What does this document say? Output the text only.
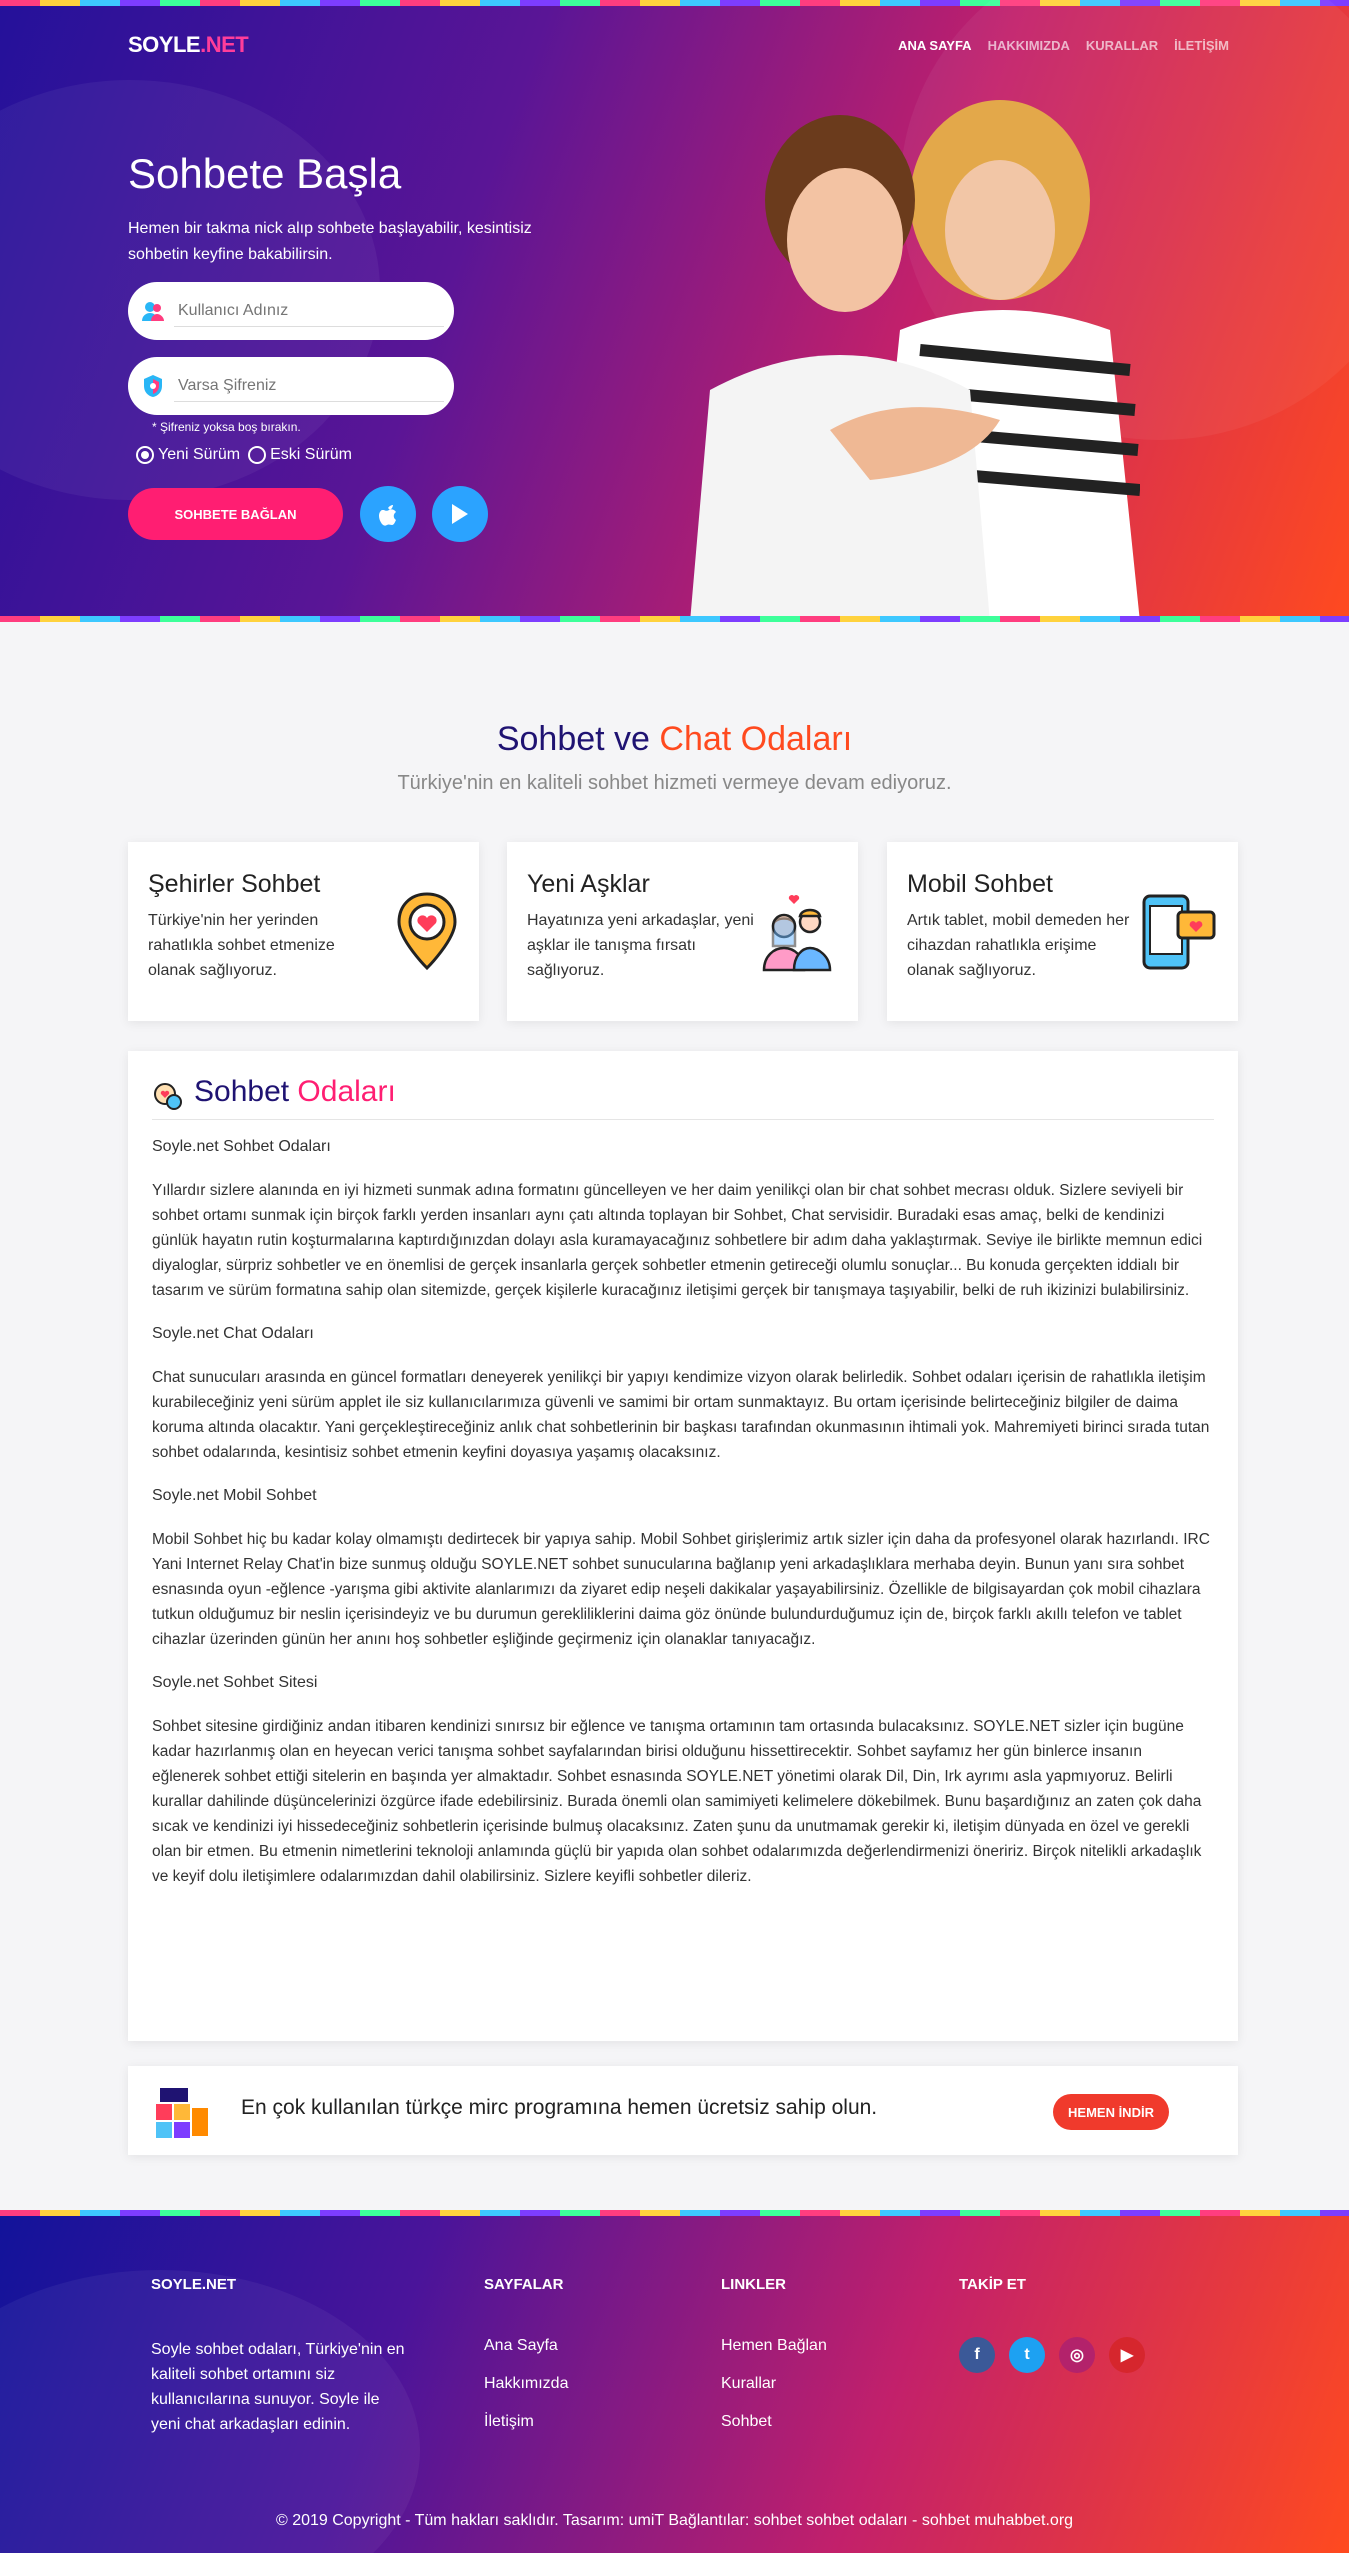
SOYLE.NET	ANA SAYFA HAKKIMIZDA KURALLAR İLETİŞİM
Sohbete Başla
Hemen bir takma nick alıp sohbete başlayabilir, kesintisiz sohbetin keyfine bakabilirsin.
Kullanıcı Adınız
* Şifreniz yoksa boş bırakın.
Yeni Sürüm	Eski Sürüm
SOHBETE BAĞLAN
Sohbet ve Chat Odaları
Türkiye'nin en kaliteli sohbet hizmeti vermeye devam ediyoruz.
Şehirler Sohbet

Türkiye'nin her yerinden rahatlıkla sohbet etmenize olanak sağlıyoruz.

Yeni Aşklar

Hayatınıza yeni arkadaşlar, yeni aşklar ile tanışma fırsatı sağlıyoruz.

Mobil Sohbet

Artık tablet, mobil demeden her cihazdan rahatlıkla erişime olanak sağlıyoruz.

Sohbet Odaları
Soyle.net Sohbet Odaları

Yıllardır sizlere alanında en iyi hizmeti sunmak adına formatını güncelleyen ve her daim yenilikçi olan bir chat sohbet mecrası olduk. Sizlere seviyeli bir sohbet ortamı sunmak için birçok farklı yerden insanları aynı çatı altında toplayan bir Sohbet, Chat servisidir. Buradaki esas amaç, belki de kendinizi günlük hayatın rutin koşturmalarına kaptırdığınızdan dolayı asla kuramayacağınız sohbetlere bir adım daha yaklaştırmak. Seviye ile birlikte memnun edici diyaloglar, sürpriz sohbetler ve en önemlisi de gerçek insanlarla gerçek sohbetler etmenin getireceği olumlu sonuçlar... Bu konuda gerçekten iddialı bir tasarım ve sürüm formatına sahip olan sitemizde, gerçek kişilerle kuracağınız iletişimi gerçek bir tanışmaya taşıyabilir, belki de ruh ikizinizi bulabilirsiniz.

Soyle.net Chat Odaları

Chat sunucuları arasında en güncel formatları deneyerek yenilikçi bir yapıyı kendimize vizyon olarak belirledik. Sohbet odaları içerisin de rahatlıkla iletişim kurabileceğiniz yeni sürüm applet ile siz kullanıcılarımıza güvenli ve samimi bir ortam sunmaktayız. Bu ortam içerisinde belirteceğiniz bilgiler de daima koruma altında olacaktır. Yani gerçekleştireceğiniz anlık chat sohbetlerinin bir başkası tarafından okunmasının ihtimali yok. Mahremiyeti birinci sırada tutan sohbet odalarında, kesintisiz sohbet etmenin keyfini doyasıya yaşamış olacaksınız.

Soyle.net Mobil Sohbet

Mobil Sohbet hiç bu kadar kolay olmamıştı dedirtecek bir yapıya sahip. Mobil Sohbet girişlerimiz artık sizler için daha da profesyonel olarak hazırlandı. IRC Yani Internet Relay Chat'in bize sunmuş olduğu SOYLE.NET sohbet sunucularına bağlanıp yeni arkadaşlıklara merhaba deyin. Bunun yanı sıra sohbet esnasında oyun -eğlence -yarışma gibi aktivite alanlarımızı da ziyaret edip neşeli dakikalar yaşayabilirsiniz. Özellikle de bilgisayardan çok mobil cihazlara tutkun olduğumuz bir neslin içerisindeyiz ve bu durumun gerekliliklerini daima göz önünde bulundurduğumuz için de, birçok farklı akıllı telefon ve tablet cihazlar üzerinden günün her anını hoş sohbetler eşliğinde geçirmeniz için olanaklar tanıyacağız.

Soyle.net Sohbet Sitesi

Sohbet sitesine girdiğiniz andan itibaren kendinizi sınırsız bir eğlence ve tanışma ortamının tam ortasında bulacaksınız. SOYLE.NET sizler için bugüne kadar hazırlanmış olan en heyecan verici tanışma sohbet sayfalarından birisi olduğunu hissettirecektir. Sohbet sayfamız her gün binlerce insanın eğlenerek sohbet ettiği sitelerin en başında yer almaktadır. Sohbet esnasında SOYLE.NET yönetimi olarak Dil, Din, Irk ayrımı asla yapmıyoruz. Belirli kurallar dahilinde düşüncelerinizi özgürce ifade edebilirsiniz. Burada önemli olan samimiyeti kelimelere dökebilmek. Bunu başardığınız an zaten çok daha sıcak ve kendinizi iyi hissedeceğiniz sohbetlerin içerisinde bulmuş olacaksınız. Zaten şunu da unutmamak gerekir ki, iletişim dünyada en özel ve gerekli olan bir etmen. Bu etmenin nimetlerini teknoloji anlamında güçlü bir yapıda olan sohbet odalarımızda değerlendirmenizi öneririz. Birçok nitelikli arkadaşlık ve keyif dolu iletişimlere odalarımızdan dahil olabilirsiniz. Sizlere keyifli sohbetler dileriz.

En çok kullanılan türkçe mirc programına hemen ücretsiz sahip olun.	HEMEN İNDİR
SOYLE.NET

Soyle sohbet odaları, Türkiye'nin en kaliteli sohbet ortamını siz kullanıcılarına sunuyor. Soyle ile yeni chat arkadaşları edinin.

SAYFALAR
Ana Sayfa
Hakkımızda
İletişim
LINKLER
Hemen Bağlan
Kurallar
Sohbet
TAKİP ET
f	t	◎	▶
© 2019 Copyright - Tüm hakları saklıdır. Tasarım: umiT Bağlantılar: sohbet sohbet odaları - sohbet muhabbet.org
